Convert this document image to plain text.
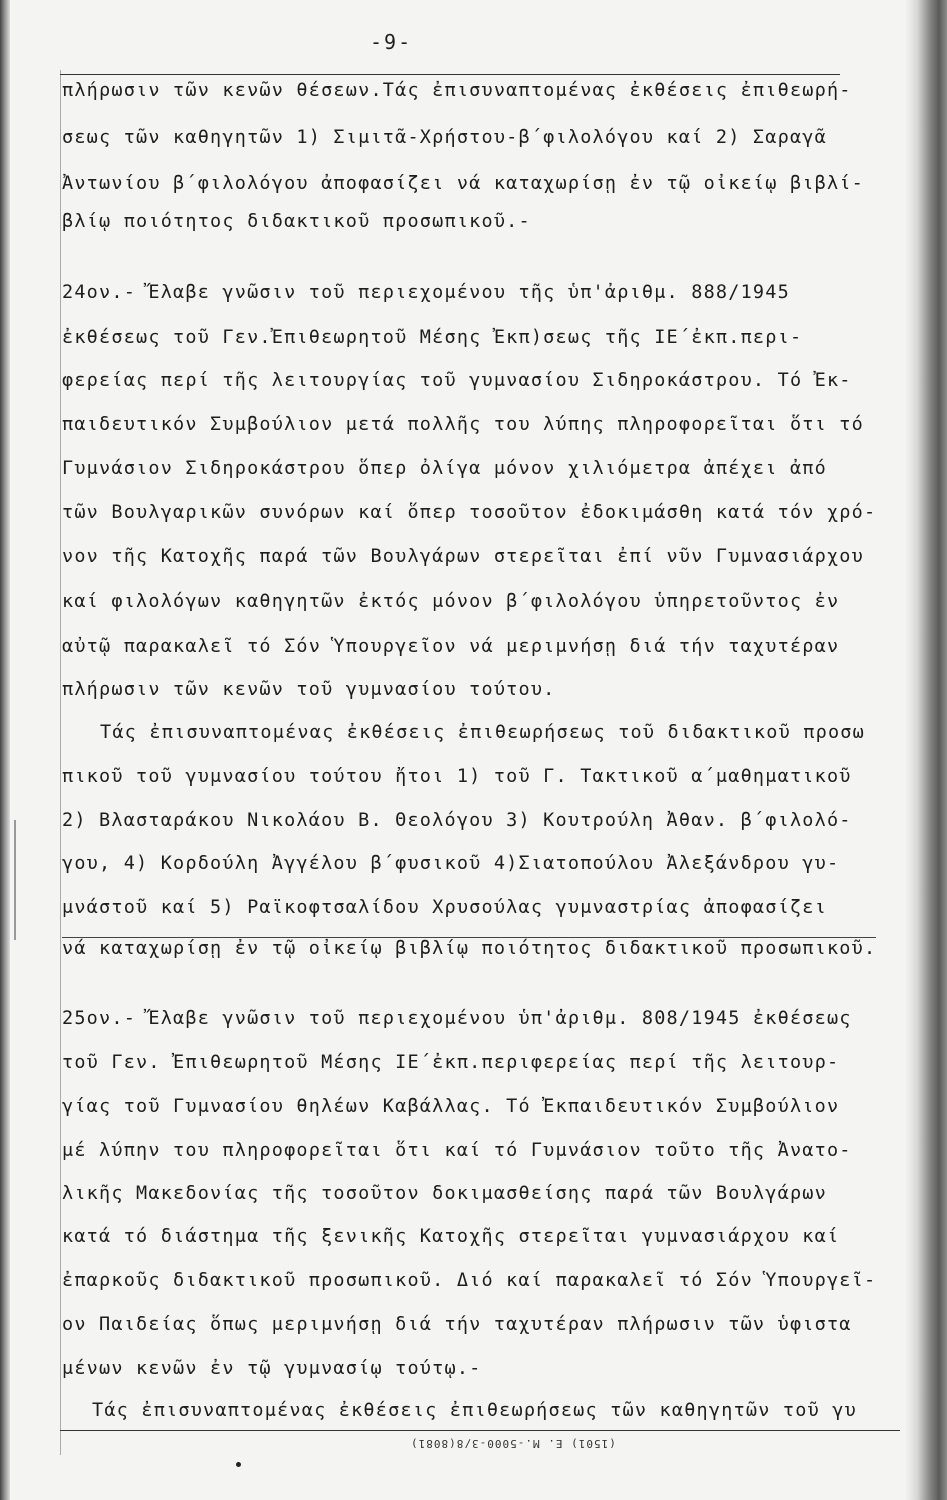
-9-
πλήρωσιν τῶν κενῶν θέσεων.Τάς ἐπισυναπτομένας ἐκθέσεις ἐπιθεωρή-
σεως τῶν καθηγητῶν 1) Σιμιτᾶ-Χρήστου-β΄φιλολόγου καί 2) Σαραγᾶ
Ἀντωνίου β΄φιλολόγου ἀποφασίζει νά καταχωρίσῃ ἐν τῷ οἰκείῳ βιβλί-
βλίῳ ποιότητος διδακτικοῦ προσωπικοῦ.-
24ον.- Ἔλαβε γνῶσιν τοῦ περιεχομένου τῆς ὑπ'ἀριθμ. 888/1945
ἐκθέσεως τοῦ Γεν.Ἐπιθεωρητοῦ Μέσης Ἐκπ)σεως τῆς ΙΕ΄ἐκπ.περι-
φερείας περί τῆς λειτουργίας τοῦ γυμνασίου Σιδηροκάστρου. Τό Ἐκ-
παιδευτικόν Συμβούλιον μετά πολλῆς του λύπης πληροφορεῖται ὅτι τό
Γυμνάσιον Σιδηροκάστρου ὅπερ ὀλίγα μόνον χιλιόμετρα ἀπέχει ἀπό
τῶν Βουλγαρικῶν συνόρων καί ὅπερ τοσοῦτον ἐδοκιμάσθη κατά τόν χρό-
νον τῆς Κατοχῆς παρά τῶν Βουλγάρων στερεῖται ἐπί νῦν Γυμνασιάρχου
καί φιλολόγων καθηγητῶν ἐκτός μόνον β΄φιλολόγου ὑπηρετοῦντος ἐν
αὐτῷ παρακαλεῖ τό Σόν Ὑπουργεῖον νά μεριμνήσῃ διά τήν ταχυτέραν
πλήρωσιν τῶν κενῶν τοῦ γυμνασίου τούτου.
Τάς ἐπισυναπτομένας ἐκθέσεις ἐπιθεωρήσεως τοῦ διδακτικοῦ προσω
πικοῦ τοῦ γυμνασίου τούτου ἤτοι 1) τοῦ Γ. Τακτικοῦ α΄μαθηματικοῦ
2) Βλασταράκου Νικολάου Β. Θεολόγου 3) Κουτρούλη Ἀθαν. β΄φιλολό-
γου, 4) Κορδούλη Ἀγγέλου β΄φυσικοῦ 4)Σιατοπούλου Ἀλεξάνδρου γυ-
μνάστοῦ καί 5) Ραϊκοφτσαλίδου Χρυσούλας γυμναστρίας ἀποφασίζει
νά καταχωρίσῃ ἐν τῷ οἰκείῳ βιβλίῳ ποιότητος διδακτικοῦ προσωπικοῦ.
25ον.- Ἔλαβε γνῶσιν τοῦ περιεχομένου ὑπ'ἀριθμ. 808/1945 ἐκθέσεως
τοῦ Γεν. Ἐπιθεωρητοῦ Μέσης ΙΕ΄ἐκπ.περιφερείας περί τῆς λειτουρ-
γίας τοῦ Γυμνασίου θηλέων Καβάλλας. Τό Ἐκπαιδευτικόν Συμβούλιον
μέ λύπην του πληροφορεῖται ὅτι καί τό Γυμνάσιον τοῦτο τῆς Ἀνατο-
λικῆς Μακεδονίας τῆς τοσοῦτον δοκιμασθείσης παρά τῶν Βουλγάρων
κατά τό διάστημα τῆς ξενικῆς Κατοχῆς στερεῖται γυμνασιάρχου καί
ἐπαρκοῦς διδακτικοῦ προσωπικοῦ. Διό καί παρακαλεῖ τό Σόν Ὑπουργεῖ-
ον Παιδείας ὅπως μεριμνήσῃ διά τήν ταχυτέραν πλήρωσιν τῶν ὑφιστα
μένων κενῶν ἐν τῷ γυμνασίῳ τούτῳ.-
Τάς ἐπισυναπτομένας ἐκθέσεις ἐπιθεωρήσεως τῶν καθηγητῶν τοῦ γυ
(1501) Ε. Μ.-5000-3/8(8081)
